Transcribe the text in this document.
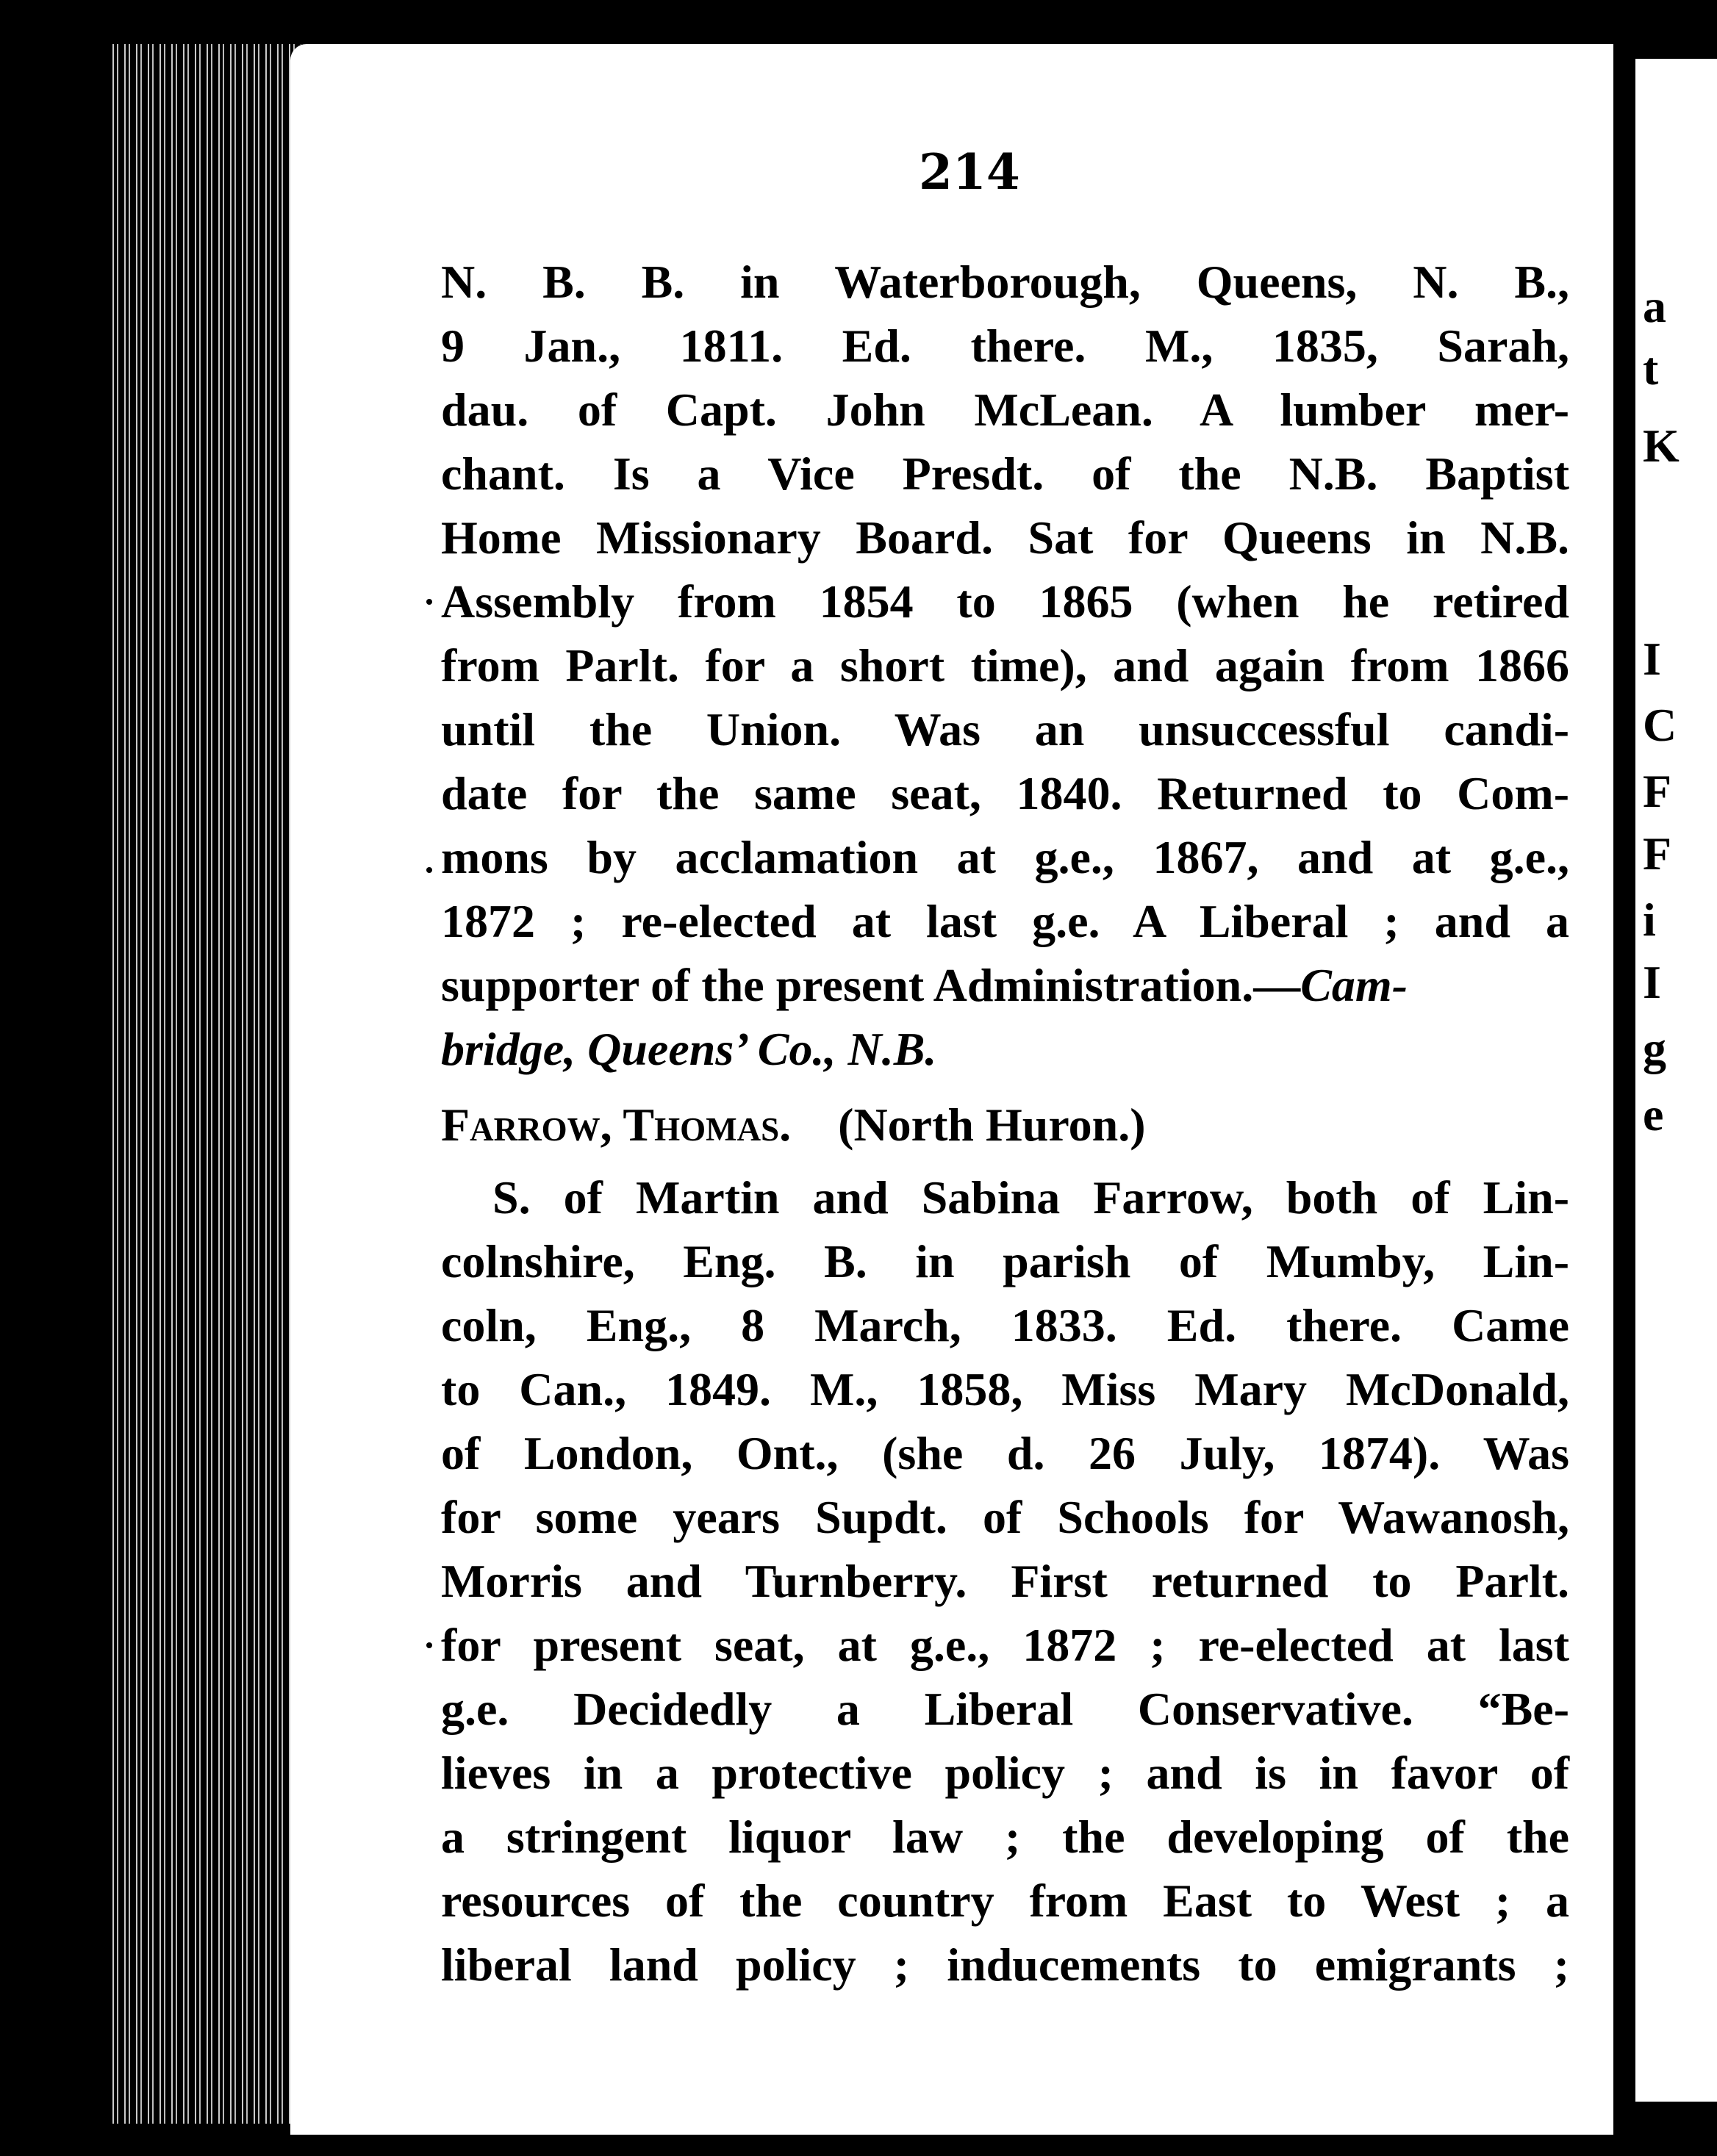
214
N. B. B. in Waterborough, Queens, N. B.,
9 Jan., 1811. Ed. there. M., 1835, Sarah,
dau. of Capt. John McLean. A lumber mer-
chant. Is a Vice Presdt. of the N.B. Baptist
Home Missionary Board. Sat for Queens in N.B.
Assembly from 1854 to 1865 (when he retired
from Parlt. for a short time), and again from 1866
until the Union. Was an unsuccessful candi-
date for the same seat, 1840. Returned to Com-
mons by acclamation at g.e., 1867, and at g.e.,
1872 ; re-elected at last g.e. A Liberal ; and a
supporter of the present Administration.—Cam-
bridge, Queens’ Co., N.B.
Farrow, Thomas. (North Huron.)
S. of Martin and Sabina Farrow, both of Lin-
colnshire, Eng. B. in parish of Mumby, Lin-
coln, Eng., 8 March, 1833. Ed. there. Came
to Can., 1849. M., 1858, Miss Mary McDonald,
of London, Ont., (she d. 26 July, 1874). Was
for some years Supdt. of Schools for Wawanosh,
Morris and Turnberry. First returned to Parlt.
for present seat, at g.e., 1872 ; re-elected at last
g.e. Decidedly a Liberal Conservative. “Be-
lieves in a protective policy ; and is in favor of
a stringent liquor law ; the developing of the
resources of the country from East to West ; a
liberal land policy ; inducements to emigrants ;
a
t
K
I
C
F
F
i
I
g
e
